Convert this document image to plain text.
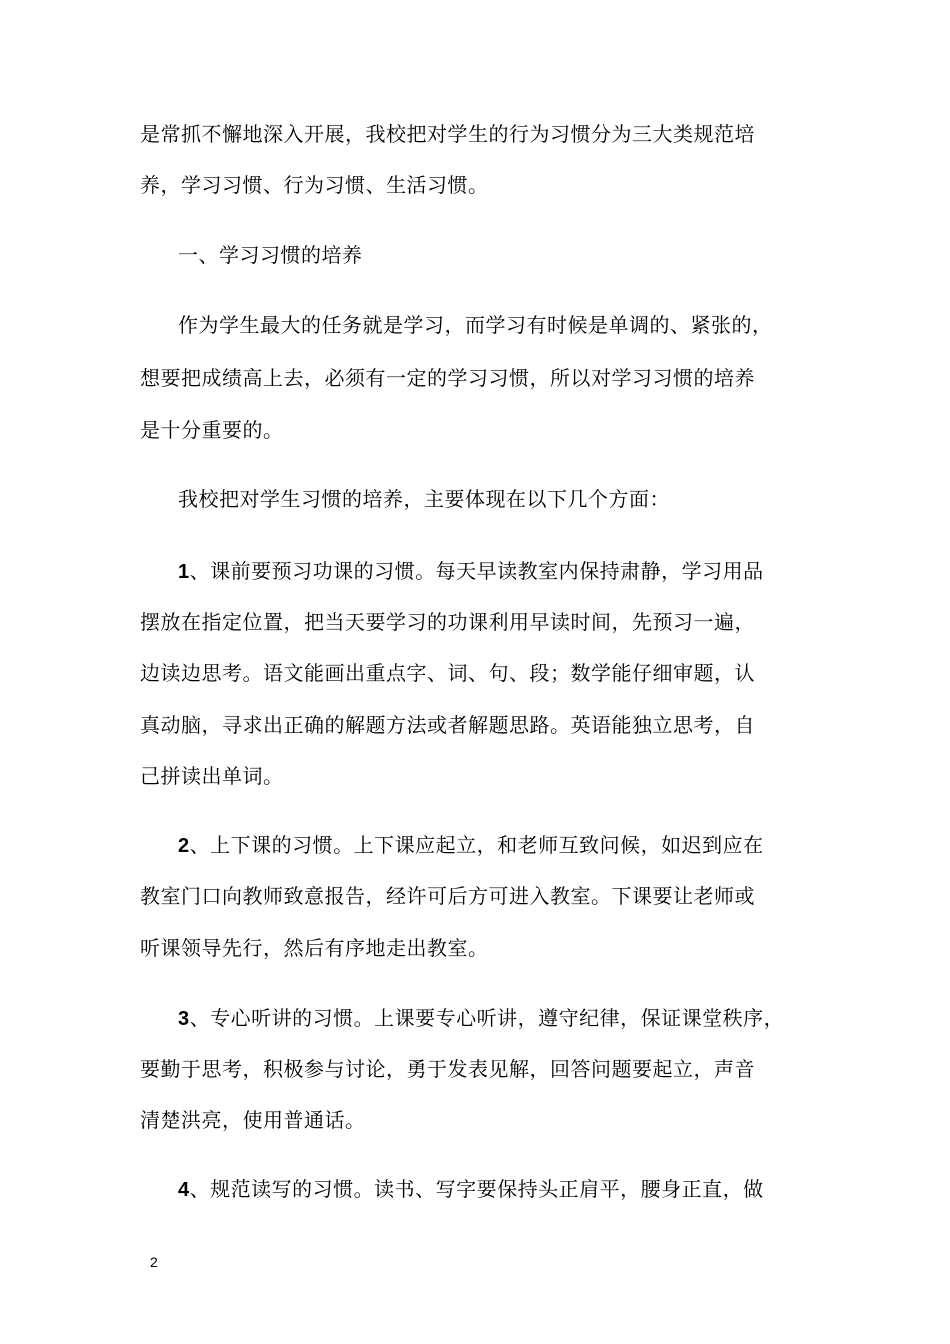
是常抓不懈地深入开展，我校把对学生的行为习惯分为三大类规范培
养，学习习惯、行为习惯、生活习惯。
一、学习习惯的培养
作为学生最大的任务就是学习，而学习有时候是单调的、紧张的，
想要把成绩高上去，必须有一定的学习习惯，所以对学习习惯的培养
是十分重要的。
我校把对学生习惯的培养，主要体现在以下几个方面：
1、课前要预习功课的习惯。每天早读教室内保持肃静，学习用品
摆放在指定位置，把当天要学习的功课利用早读时间，先预习一遍，
边读边思考。语文能画出重点字、词、句、段；数学能仔细审题，认
真动脑，寻求出正确的解题方法或者解题思路。英语能独立思考，自
己拼读出单词。
2、上下课的习惯。上下课应起立，和老师互致问候，如迟到应在
教室门口向教师致意报告，经许可后方可进入教室。下课要让老师或
听课领导先行，然后有序地走出教室。
3、专心听讲的习惯。上课要专心听讲，遵守纪律，保证课堂秩序，
要勤于思考，积极参与讨论，勇于发表见解，回答问题要起立，声音
清楚洪亮，使用普通话。
4、规范读写的习惯。读书、写字要保持头正肩平，腰身正直，做
2
